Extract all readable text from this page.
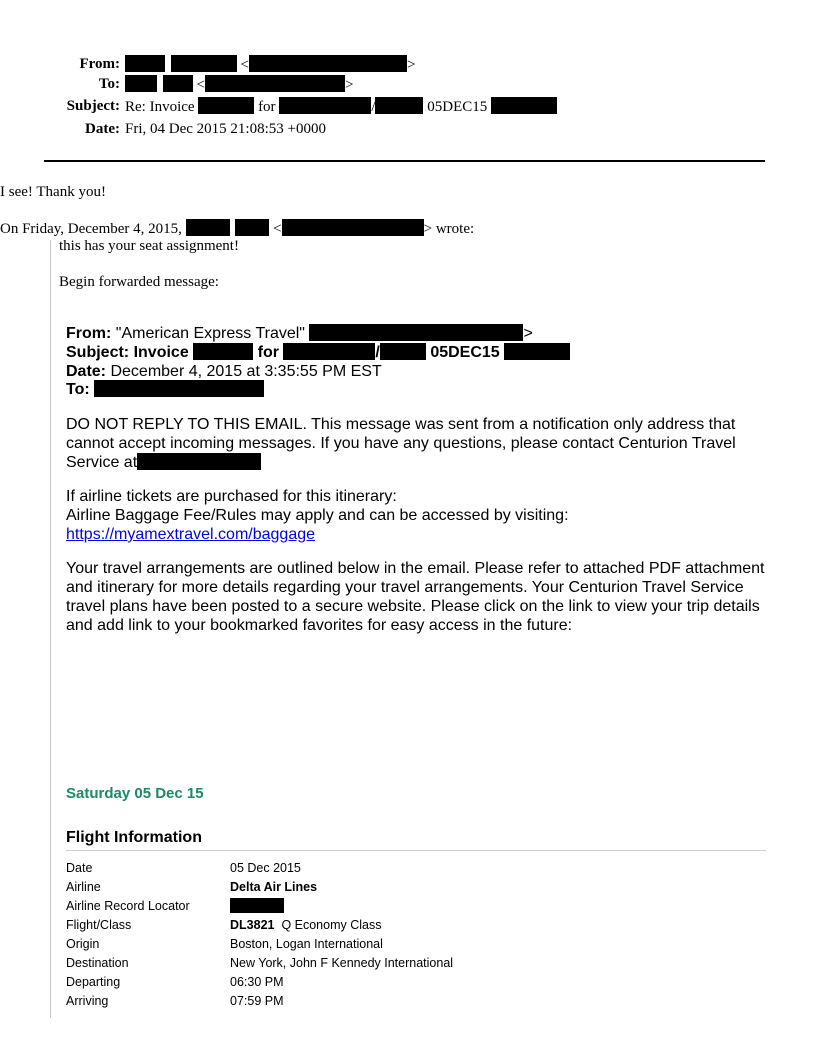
From:	<	>
To:	<	>
Subject: Re: Invoice	for	/	05DEC15
Date: Fri, 04 Dec 2015 21:08:53 +0000
I see! Thank you!
On Friday, December 4, 2015,	<	> wrote:
this has your seat assignment!
Begin forwarded message:
From: "American Express Travel"	>
Subject: Invoice	for	/	05DEC15
Date: December 4, 2015 at 3:35:55 PM EST
To:
DO NOT REPLY TO THIS EMAIL. This message was sent from a notification only address that cannot accept incoming messages. If you have any questions, please contact Centurion Travel Service at
If airline tickets are purchased for this itinerary:
Airline Baggage Fee/Rules may apply and can be accessed by visiting:
https://myamextravel.com/baggage
Your travel arrangements are outlined below in the email. Please refer to attached PDF attachment and itinerary for more details regarding your travel arrangements. Your Centurion Travel Service travel plans have been posted to a secure website. Please click on the link to view your trip details and add link to your bookmarked favorites for easy access in the future:
Saturday 05 Dec 15
Flight Information
Date	05 Dec 2015
Airline	Delta Air Lines
Airline Record Locator
Flight/Class	DL3821 Q Economy Class
Origin	Boston, Logan International
Destination	New York, John F Kennedy International
Departing	06:30 PM
Arriving	07:59 PM
